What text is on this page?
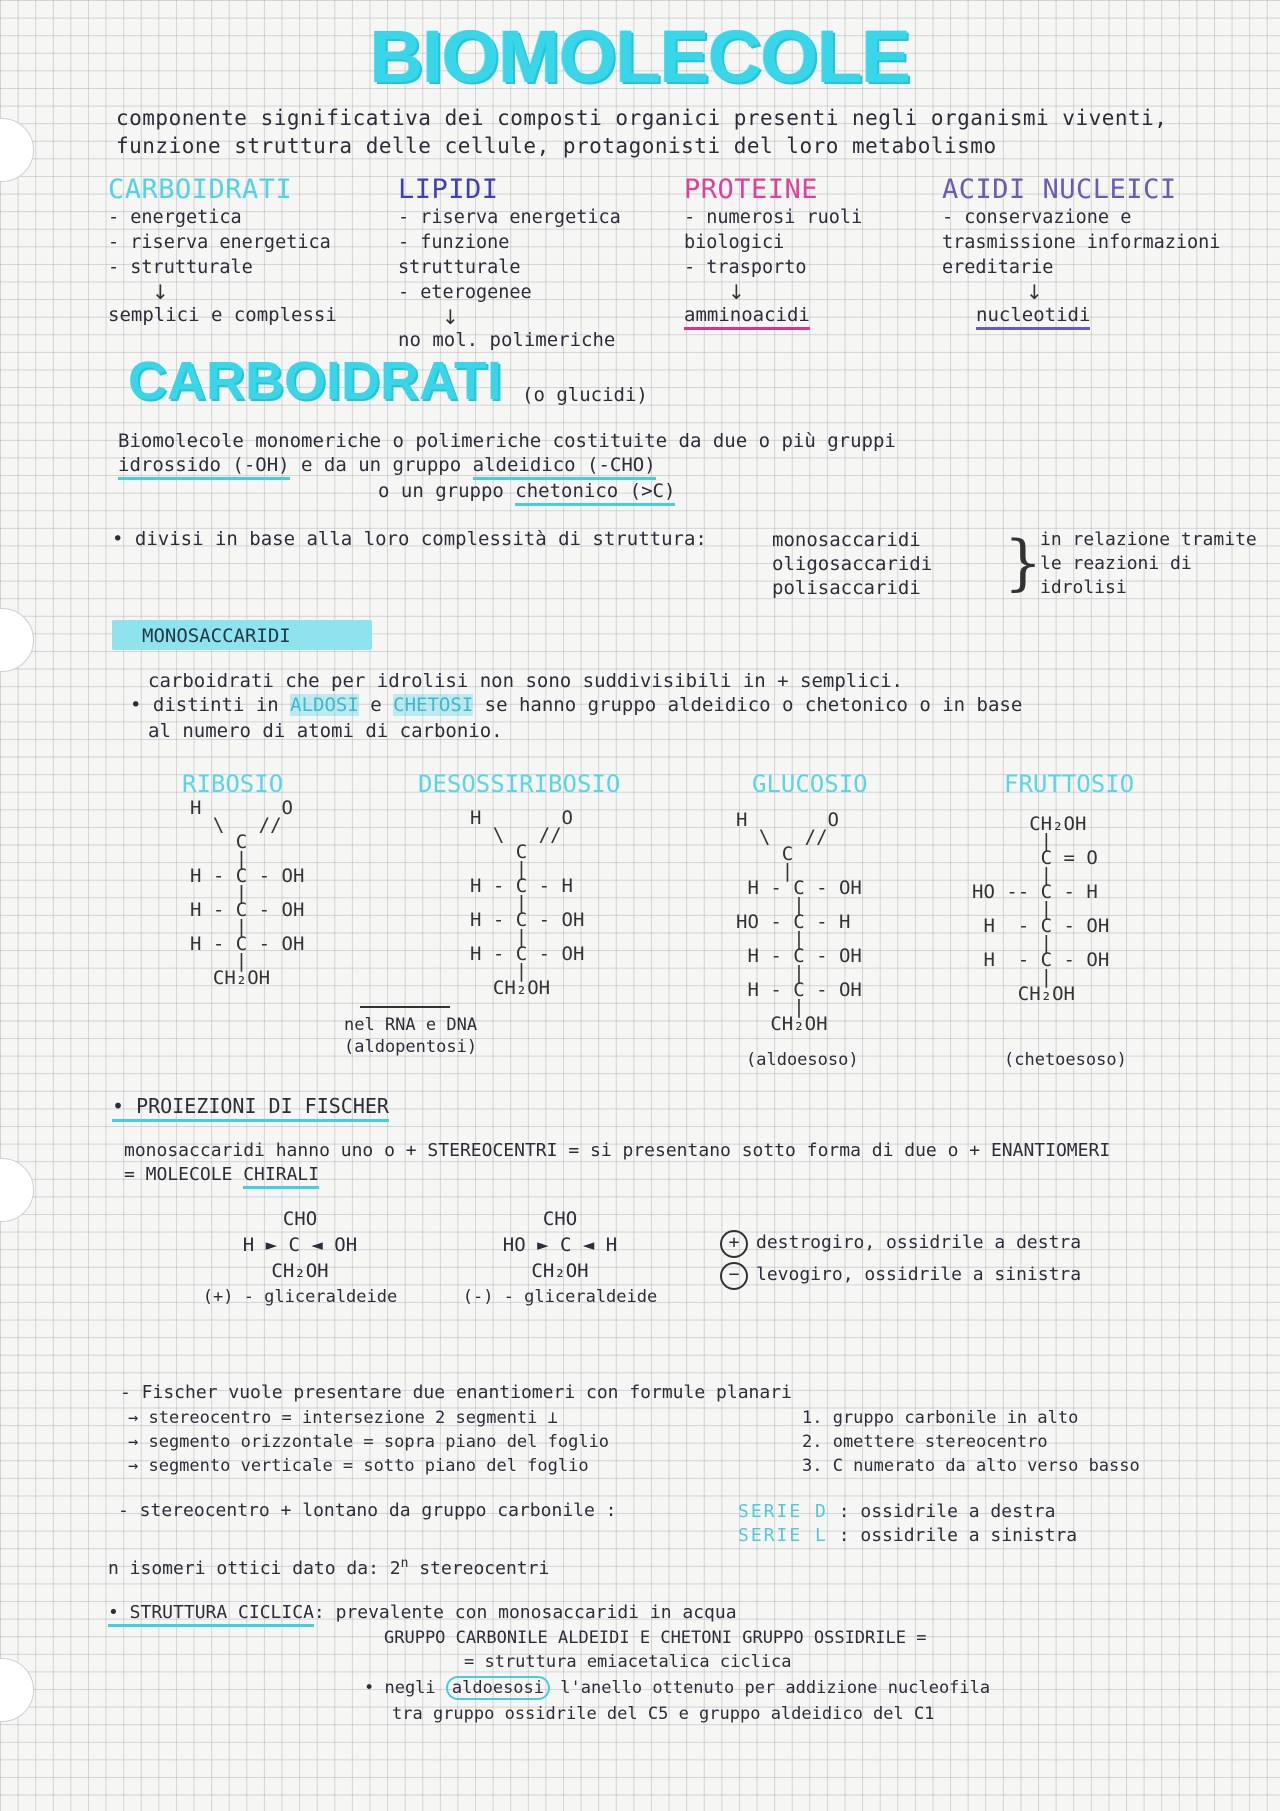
BIOMOLECOLE
componente significativa dei composti organici presenti negli organismi viventi,
funzione struttura delle cellule, protagonisti del loro metabolismo
CARBOIDRATI
- energetica
- riserva energetica
- strutturale
↓
semplici e complessi
LIPIDI
- riserva energetica
- funzione strutturale
- eterogenee
↓
no mol. polimeriche
PROTEINE
- numerosi ruoli
biologici
- trasporto
↓
amminoacidi
ACIDI NUCLEICI
- conservazione e
trasmissione informazioni
ereditarie
↓
nucleotidi
CARBOIDRATI (o glucidi)
Biomolecole monomeriche o polimeriche costituite da due o più gruppi
idrossido (-OH) e da un gruppo aldeidico (-CHO)
o un gruppo chetonico (>C)
• divisi in base alla loro complessità di struttura:	monosaccaridi
oligosaccaridi
polisaccaridi }
in relazione tramite
le reazioni di
idrolisi
MONOSACCARIDI
carboidrati che per idrolisi non sono suddivisibili in + semplici.
• distinti in ALDOSI e CHETOSI se hanno gruppo aldeidico o chetonico o in base
al numero di atomi di carbonio.
RIBOSIO	DESOSSIRIBOSIO	GLUCOSIO	FRUTTOSIO
H       O
\   //
C
|
H - C - OH
|
H - C - OH
|
H - C - OH
|
CH₂OH
H       O
\   //
C
|
H - C - H
|
H - C - OH
|
H - C - OH
|
CH₂OH
H       O
\   //
C
|
H - C - OH
|
HO - C - H
|
H - C - OH
|
H - C - OH
|
CH₂OH
CH₂OH
|
C = O
|
HO -- C - H
|
H  - C - OH
|
H  - C - OH
|
CH₂OH
nel RNA e DNA
(aldopentosi)
(aldoesoso)	(chetoesoso)
• PROIEZIONI DI FISCHER
monosaccaridi hanno uno o + STEREOCENTRI = si presentano sotto forma di due o + ENANTIOMERI
= MOLECOLE CHIRALI
CHO
H ► C ◄ OH
CH₂OH
(+) - gliceraldeide
CHO
HO ► C ◄ H
CH₂OH
(-) - gliceraldeide
+ destrogiro, ossidrile a destra
− levogiro, ossidrile a sinistra
- Fischer vuole presentare due enantiomeri con formule planari
→ stereocentro = intersezione 2 segmenti ⊥
→ segmento orizzontale = sopra piano del foglio
→ segmento verticale = sotto piano del foglio
1. gruppo carbonile in alto
2. omettere stereocentro
3. C numerato da alto verso basso
- stereocentro + lontano da gruppo carbonile :	SERIE D : ossidrile a destra
SERIE L : ossidrile a sinistra
n isomeri ottici dato da: 2$^n$ stereocentri
• STRUTTURA CICLICA: prevalente con monosaccaridi in acqua
GRUPPO CARBONILE ALDEIDI E CHETONI GRUPPO OSSIDRILE =
= struttura emiacetalica ciclica
• negli aldoesosi l'anello ottenuto per addizione nucleofila
tra gruppo ossidrile del C5 e gruppo aldeidico del C1
